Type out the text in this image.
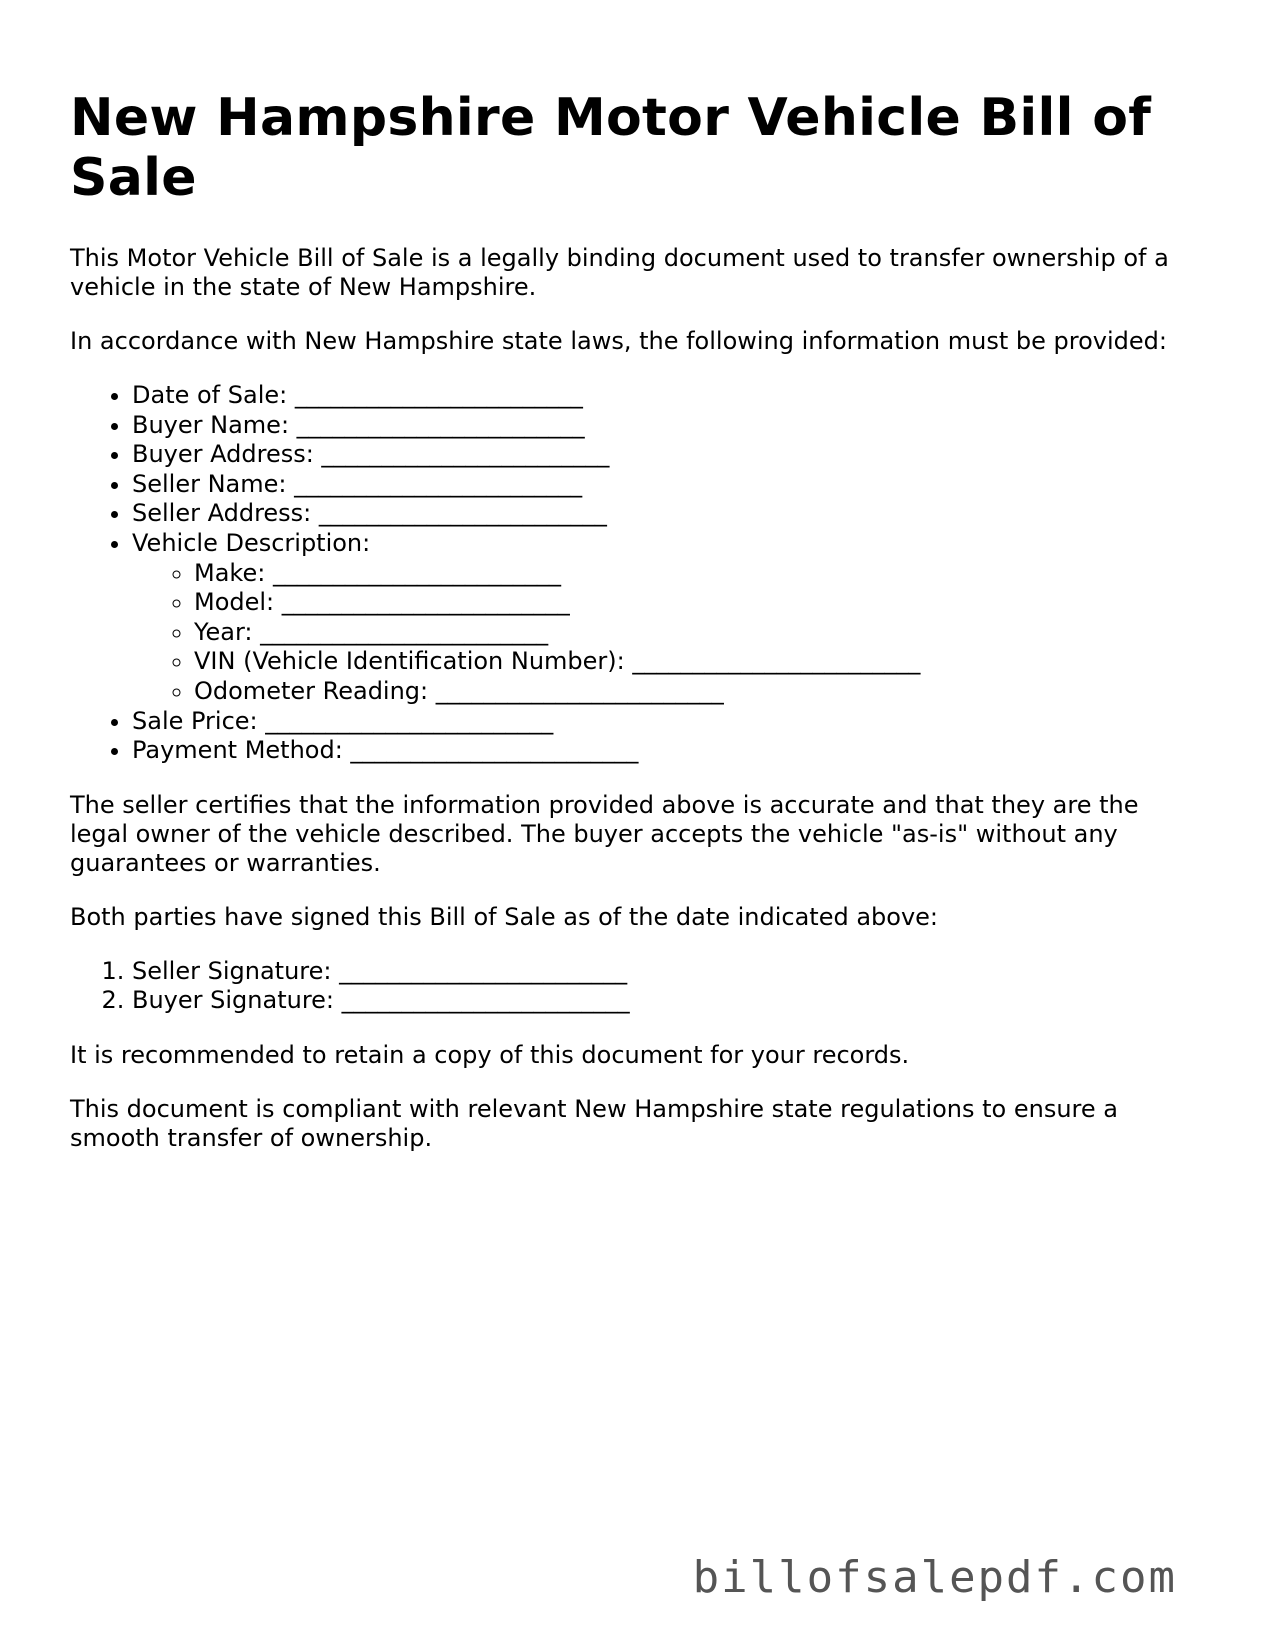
New Hampshire Motor Vehicle Bill of Sale

This Motor Vehicle Bill of Sale is a legally binding document used to transfer ownership of a vehicle in the state of New Hampshire.

In accordance with New Hampshire state laws, the following information must be provided:

• Date of Sale: ________________________
• Buyer Name: ________________________
• Buyer Address: ________________________
• Seller Name: ________________________
• Seller Address: ________________________
• Vehicle Description:
◦ Make: ________________________
◦ Model: ________________________
◦ Year: ________________________
◦ VIN (Vehicle Identification Number): ________________________
◦ Odometer Reading: ________________________
• Sale Price: ________________________
• Payment Method: ________________________

The seller certifies that the information provided above is accurate and that they are the legal owner of the vehicle described. The buyer accepts the vehicle "as-is" without any guarantees or warranties.

Both parties have signed this Bill of Sale as of the date indicated above:

1. Seller Signature: ________________________
2. Buyer Signature: ________________________

It is recommended to retain a copy of this document for your records.

This document is compliant with relevant New Hampshire state regulations to ensure a smooth transfer of ownership.

billofsalepdf.com
